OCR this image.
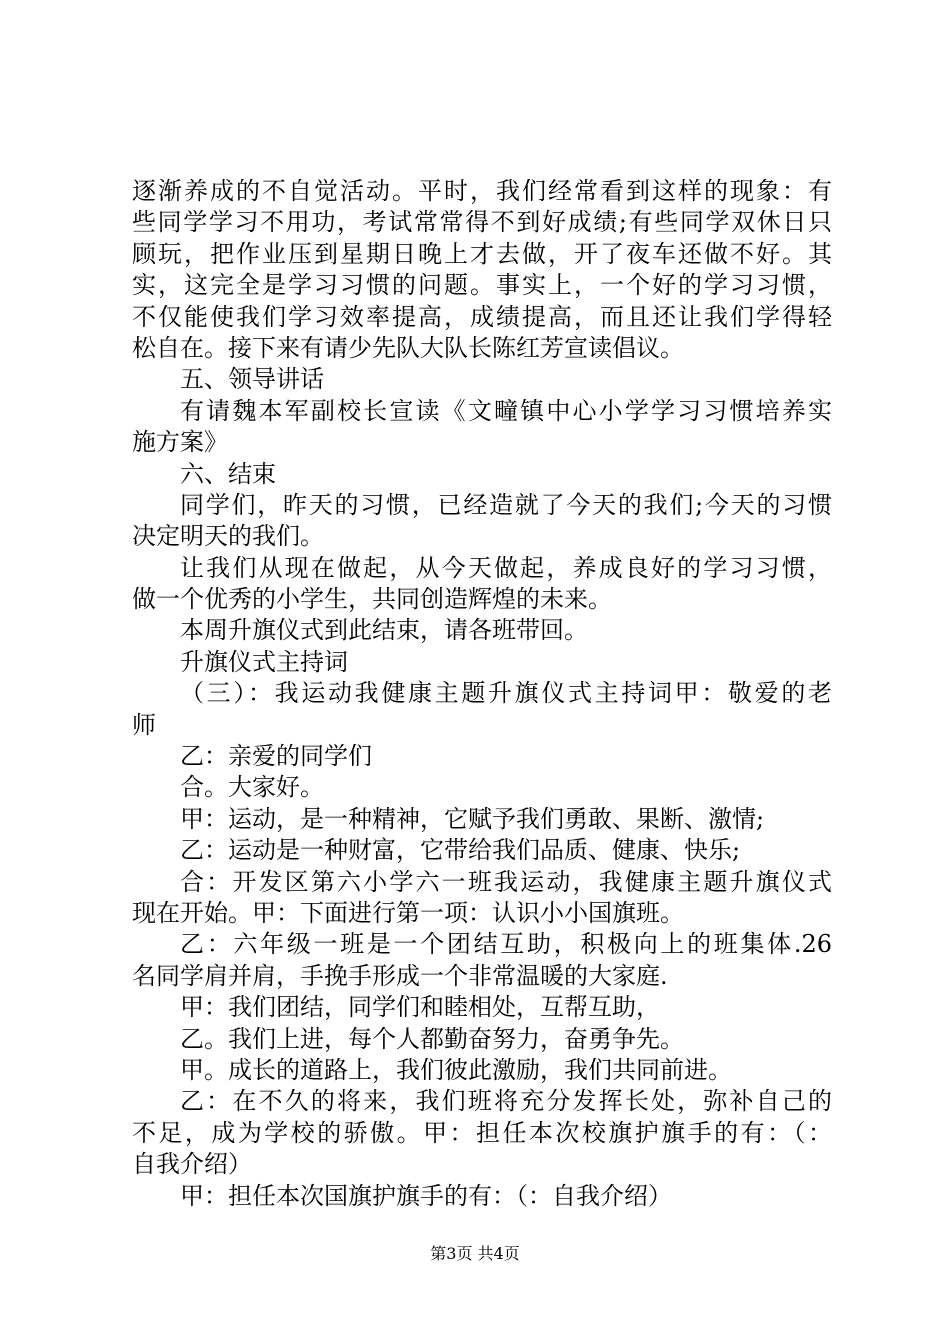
逐渐养成的不自觉活动。平时，我们经常看到这样的现象：有
些同学学习不用功，考试常常得不到好成绩;有些同学双休日只
顾玩，把作业压到星期日晚上才去做，开了夜车还做不好。其
实，这完全是学习习惯的问题。事实上，一个好的学习习惯，
不仅能使我们学习效率提高，成绩提高，而且还让我们学得轻
松自在。接下来有请少先队大队长陈红芳宣读倡议。
五、领导讲话
有请魏本军副校长宣读《文疃镇中心小学学习习惯培养实
施方案》
六、结束
同学们，昨天的习惯，已经造就了今天的我们;今天的习惯
决定明天的我们。
让我们从现在做起，从今天做起，养成良好的学习习惯，
做一个优秀的小学生，共同创造辉煌的未来。
本周升旗仪式到此结束，请各班带回。
升旗仪式主持词
（三）：我运动我健康主题升旗仪式主持词甲：敬爱的老
师
乙：亲爱的同学们
合。大家好。
甲：运动，是一种精神，它赋予我们勇敢、果断、激情;
乙：运动是一种财富，它带给我们品质、健康、快乐;
合：开发区第六小学六一班我运动，我健康主题升旗仪式
现在开始。甲：下面进行第一项：认识小小国旗班。
乙：六年级一班是一个团结互助，积极向上的班集体.26
名同学肩并肩，手挽手形成一个非常温暖的大家庭.
甲：我们团结，同学们和睦相处，互帮互助，
乙。我们上进，每个人都勤奋努力，奋勇争先。
甲。成长的道路上，我们彼此激励，我们共同前进。
乙：在不久的将来，我们班将充分发挥长处，弥补自己的
不足，成为学校的骄傲。甲：担任本次校旗护旗手的有：（：
自我介绍）
甲：担任本次国旗护旗手的有：（：自我介绍）
第3页 共4页
